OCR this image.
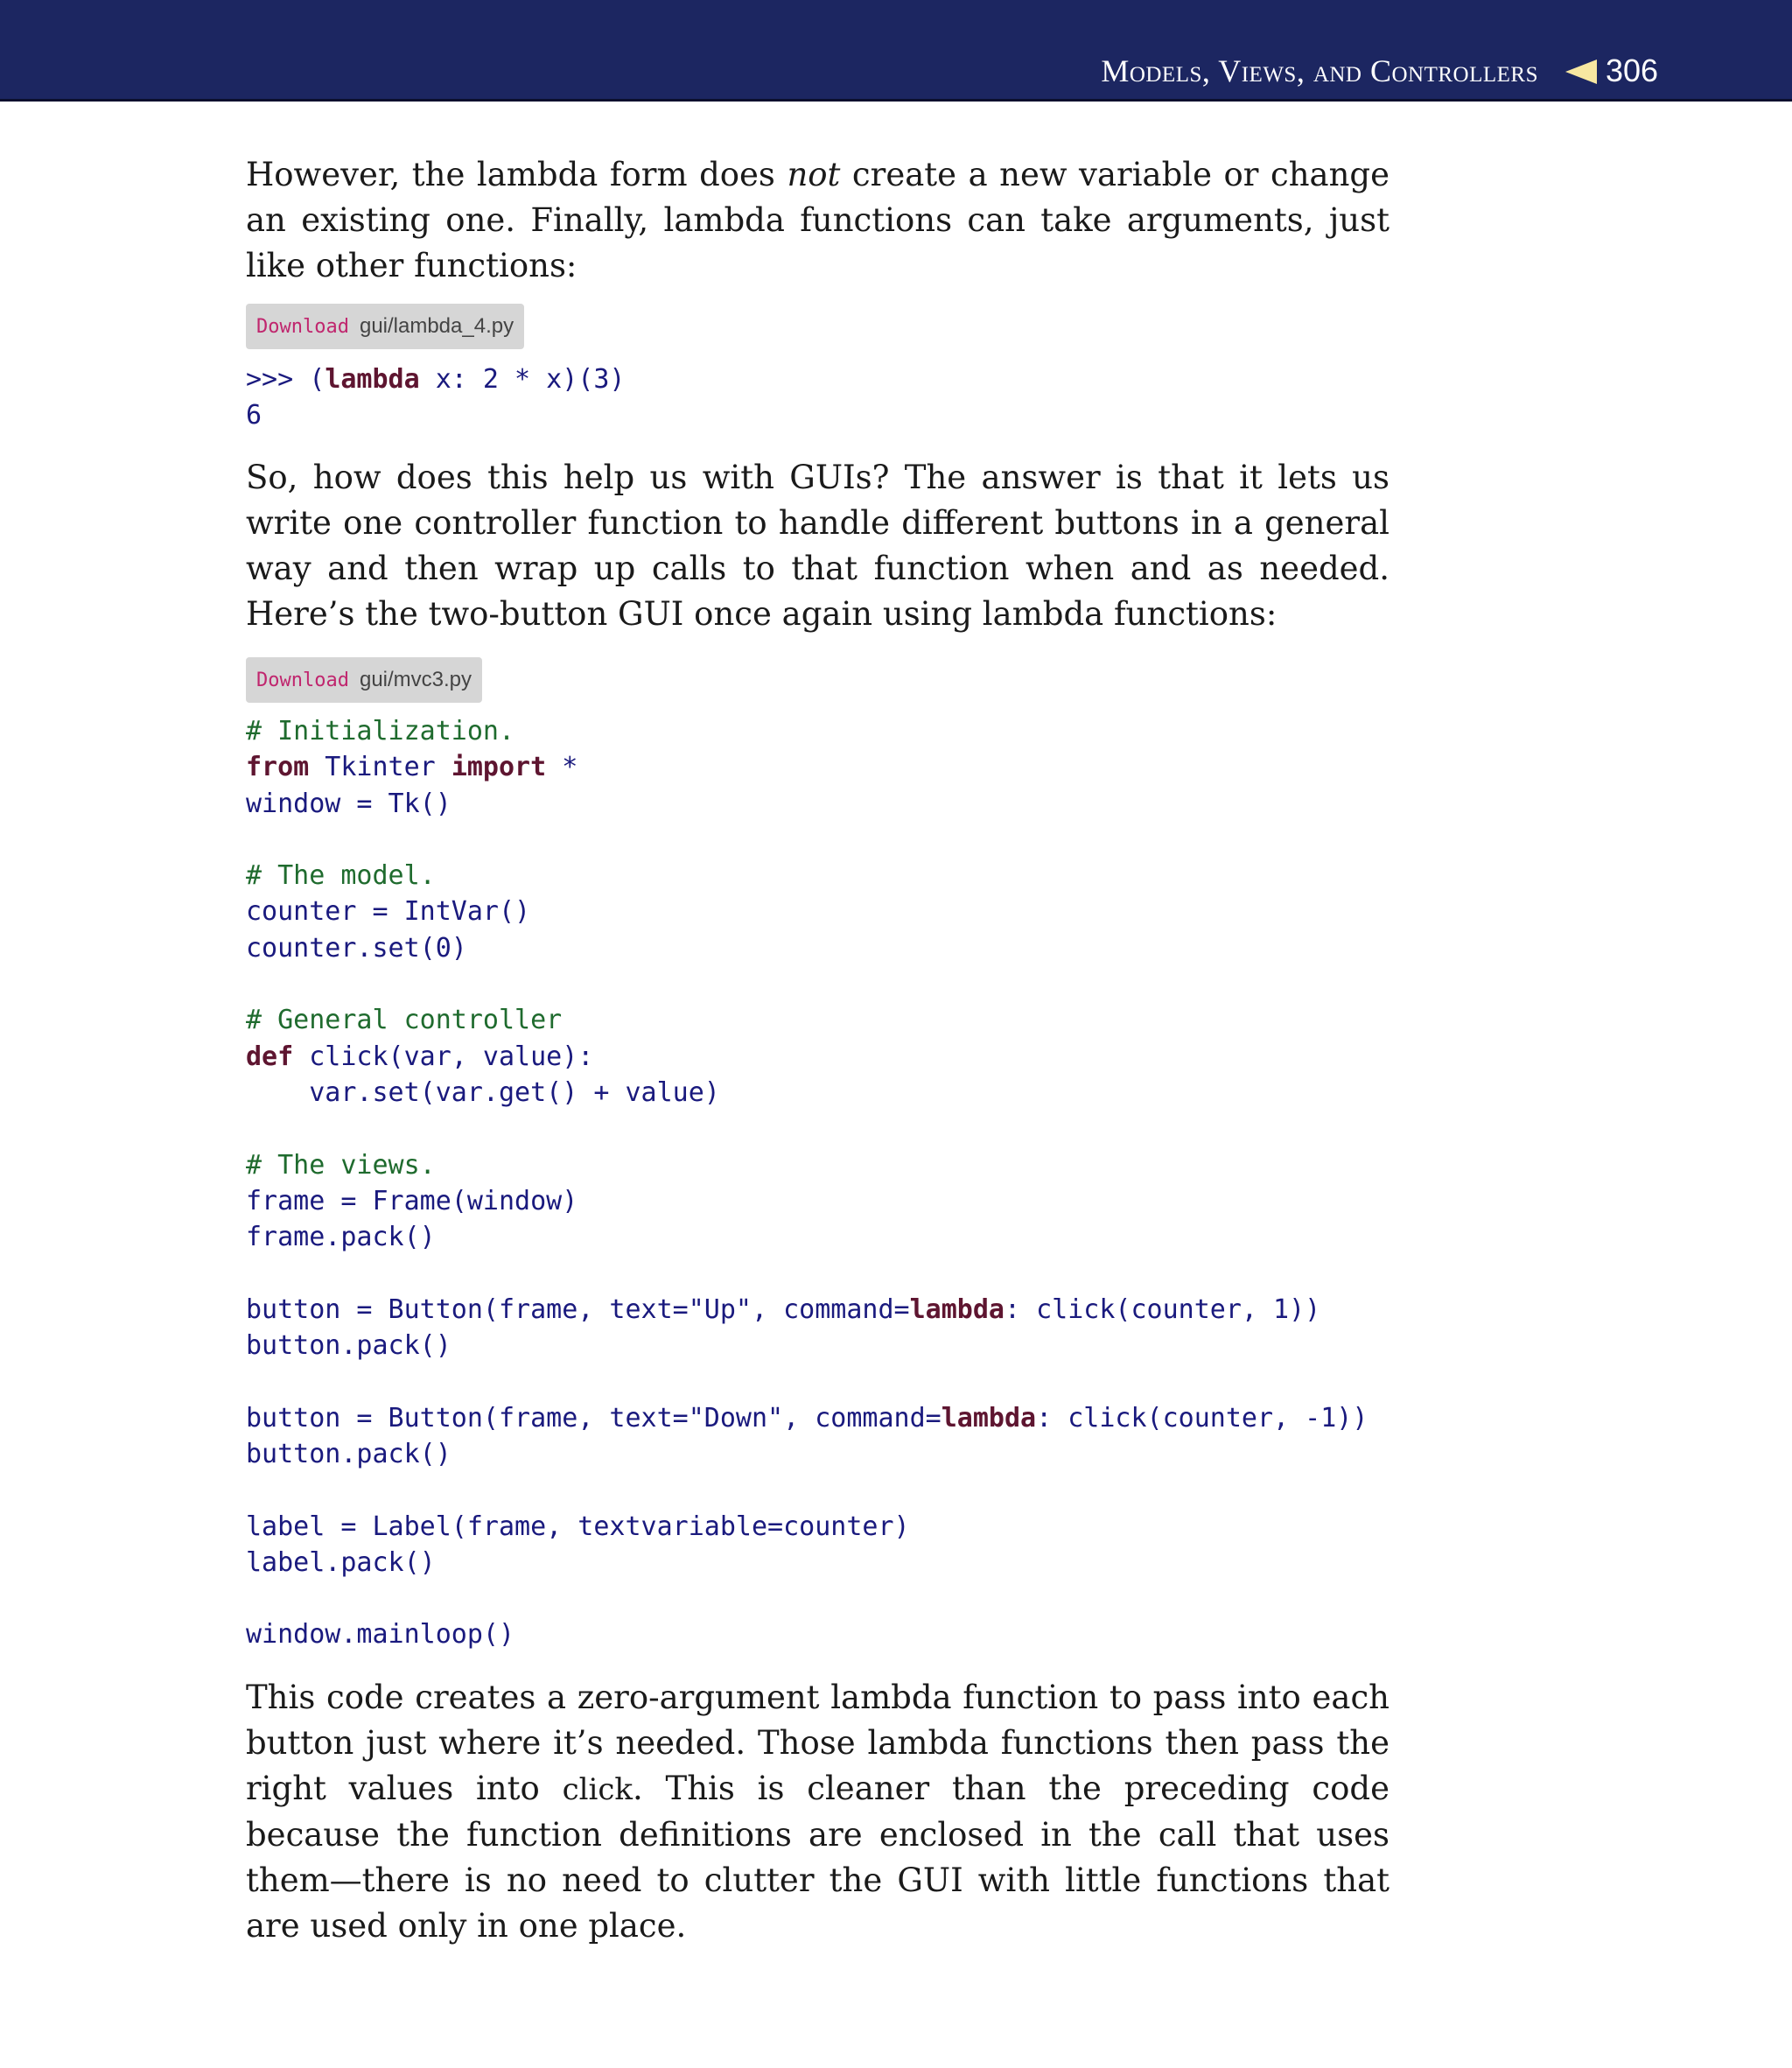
Models, Views, and Controllers 306

However, the lambda form does not create a new variable or change an existing one. Finally, lambda functions can take arguments, just like other functions:

Download gui/lambda_4.py
>>> (lambda x: 2 * x)(3)
6

So, how does this help us with GUIs? The answer is that it lets us write one controller function to handle different buttons in a general way and then wrap up calls to that function when and as needed. Here’s the two-button GUI once again using lambda functions:

Download gui/mvc3.py
# Initialization.
from Tkinter import *
window = Tk()
# The model.
counter = IntVar()
counter.set(0)
# General controller
def click(var, value):
var.set(var.get() + value)
# The views.
frame = Frame(window)
frame.pack()
button = Button(frame, text="Up", command=lambda: click(counter, 1))
button.pack()
button = Button(frame, text="Down", command=lambda: click(counter, -1))
button.pack()
label = Label(frame, textvariable=counter)
label.pack()
window.mainloop()

This code creates a zero-argument lambda function to pass into each button just where it’s needed. Those lambda functions then pass the right values into click. This is cleaner than the preceding code because the function definitions are enclosed in the call that uses them—there is no need to clutter the GUI with little functions that are used only in one place.
